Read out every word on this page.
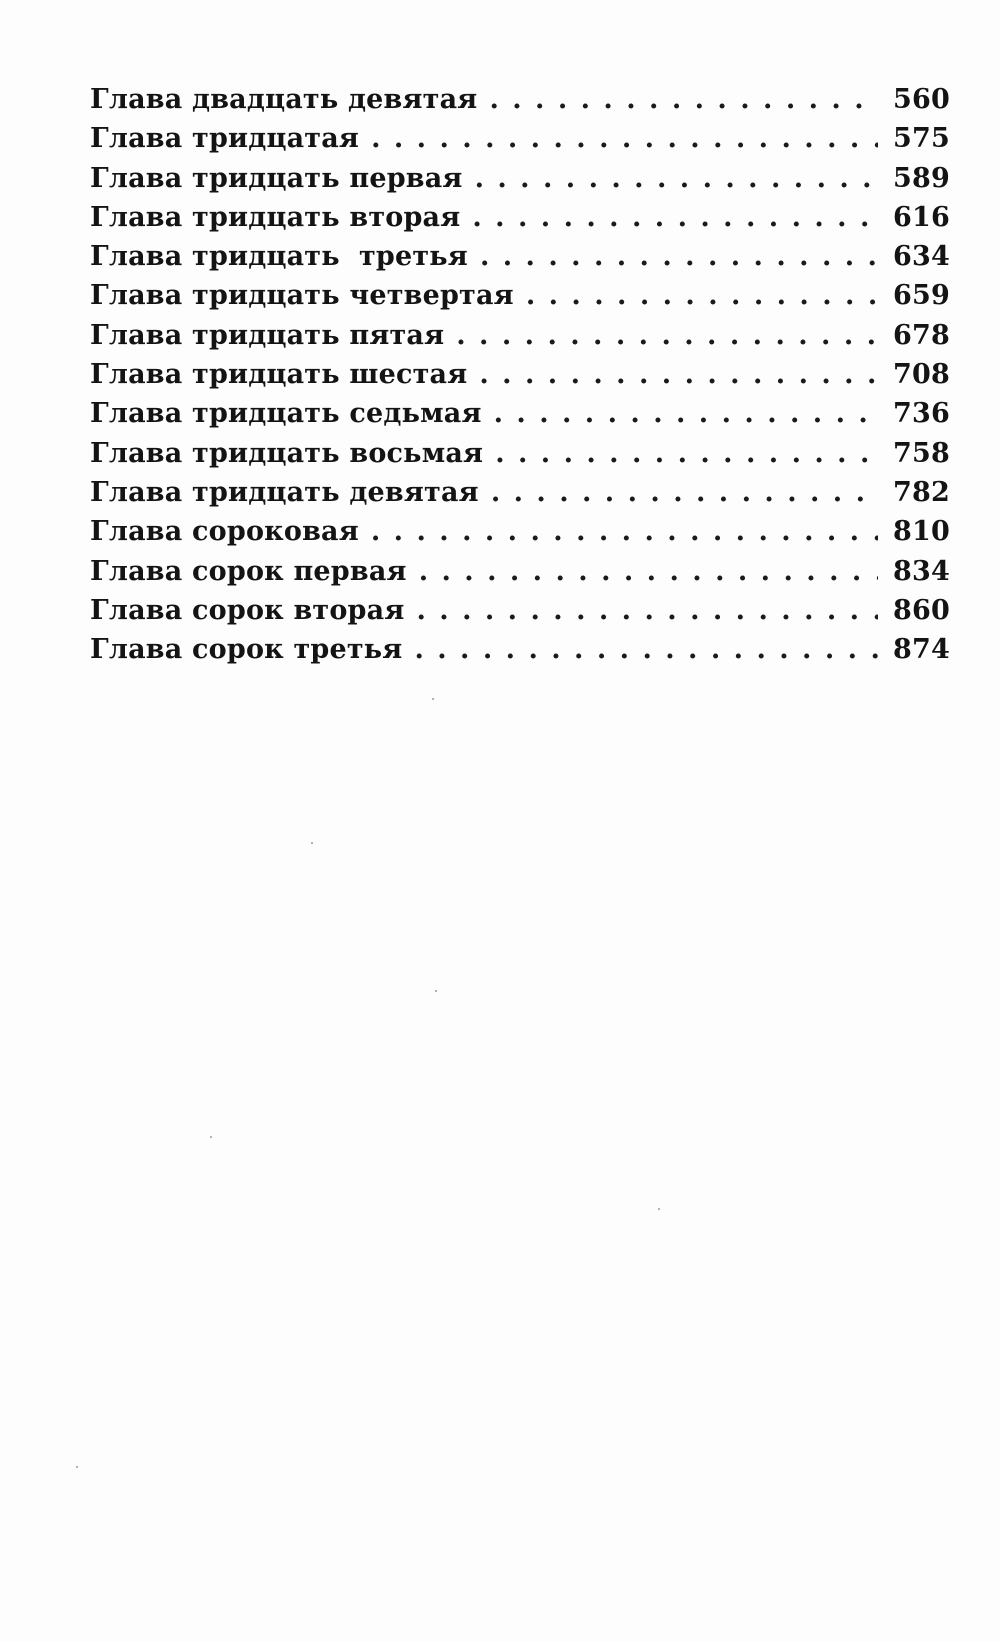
Глава двадцать девятая . . .	560
Глава тридцатая . . .	575
Глава тридцать первая . . .	589
Глава тридцать вторая . . .	616
Глава тридцать  третья . . .	634
Глава тридцать четвертая . . .	659
Глава тридцать пятая . . .	678
Глава тридцать шестая . . .	708
Глава тридцать седьмая . . .	736
Глава тридцать восьмая . . .	758
Глава тридцать девятая . . .	782
Глава сороковая . . .	810
Глава сорок первая . . .	834
Глава сорок вторая . . .	860
Глава сорок третья . . .	874
